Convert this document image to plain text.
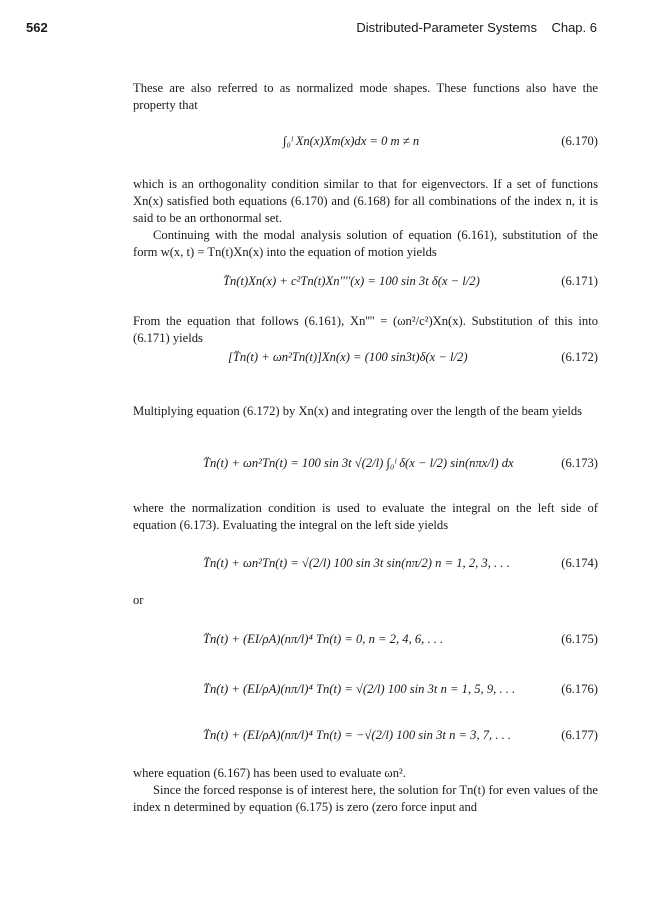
562	Distributed-Parameter Systems Chap. 6
These are also referred to as normalized mode shapes. These functions also have the property that
∫₀ˡ Xn(x)Xm(x)dx = 0 m ≠ n	(6.170)
which is an orthogonality condition similar to that for eigenvectors. If a set of functions Xn(x) satisfied both equations (6.170) and (6.168) for all combinations of the index n, it is said to be an orthonormal set.
Continuing with the modal analysis solution of equation (6.161), substitution of the form w(x, t) = Tn(t)Xn(x) into the equation of motion yields
T̈n(t)Xn(x) + c²Tn(t)Xn''''(x) = 100 sin 3t δ(x − l/2)	(6.171)
From the equation that follows (6.161), Xn'''' = (ωn²/c²)Xn(x). Substitution of this into (6.171) yields
[T̈n(t) + ωn²Tn(t)]Xn(x) = (100 sin3t)δ(x − l/2)	(6.172)
Multiplying equation (6.172) by Xn(x) and integrating over the length of the beam yields
T̈n(t) + ωn²Tn(t) = 100 sin 3t √(2/l) ∫₀ˡ δ(x − l/2) sin(nπx/l) dx	(6.173)
where the normalization condition is used to evaluate the integral on the left side of equation (6.173). Evaluating the integral on the left side yields
T̈n(t) + ωn²Tn(t) = √(2/l) 100 sin 3t sin(nπ/2) n = 1, 2, 3, . . .	(6.174)
or
T̈n(t) + (EI/ρA)(nπ/l)⁴ Tn(t) = 0, n = 2, 4, 6, . . .	(6.175)
T̈n(t) + (EI/ρA)(nπ/l)⁴ Tn(t) = √(2/l) 100 sin 3t n = 1, 5, 9, . . .	(6.176)
T̈n(t) + (EI/ρA)(nπ/l)⁴ Tn(t) = −√(2/l) 100 sin 3t n = 3, 7, . . .	(6.177)
where equation (6.167) has been used to evaluate ωn².
Since the forced response is of interest here, the solution for Tn(t) for even values of the index n determined by equation (6.175) is zero (zero force input and
